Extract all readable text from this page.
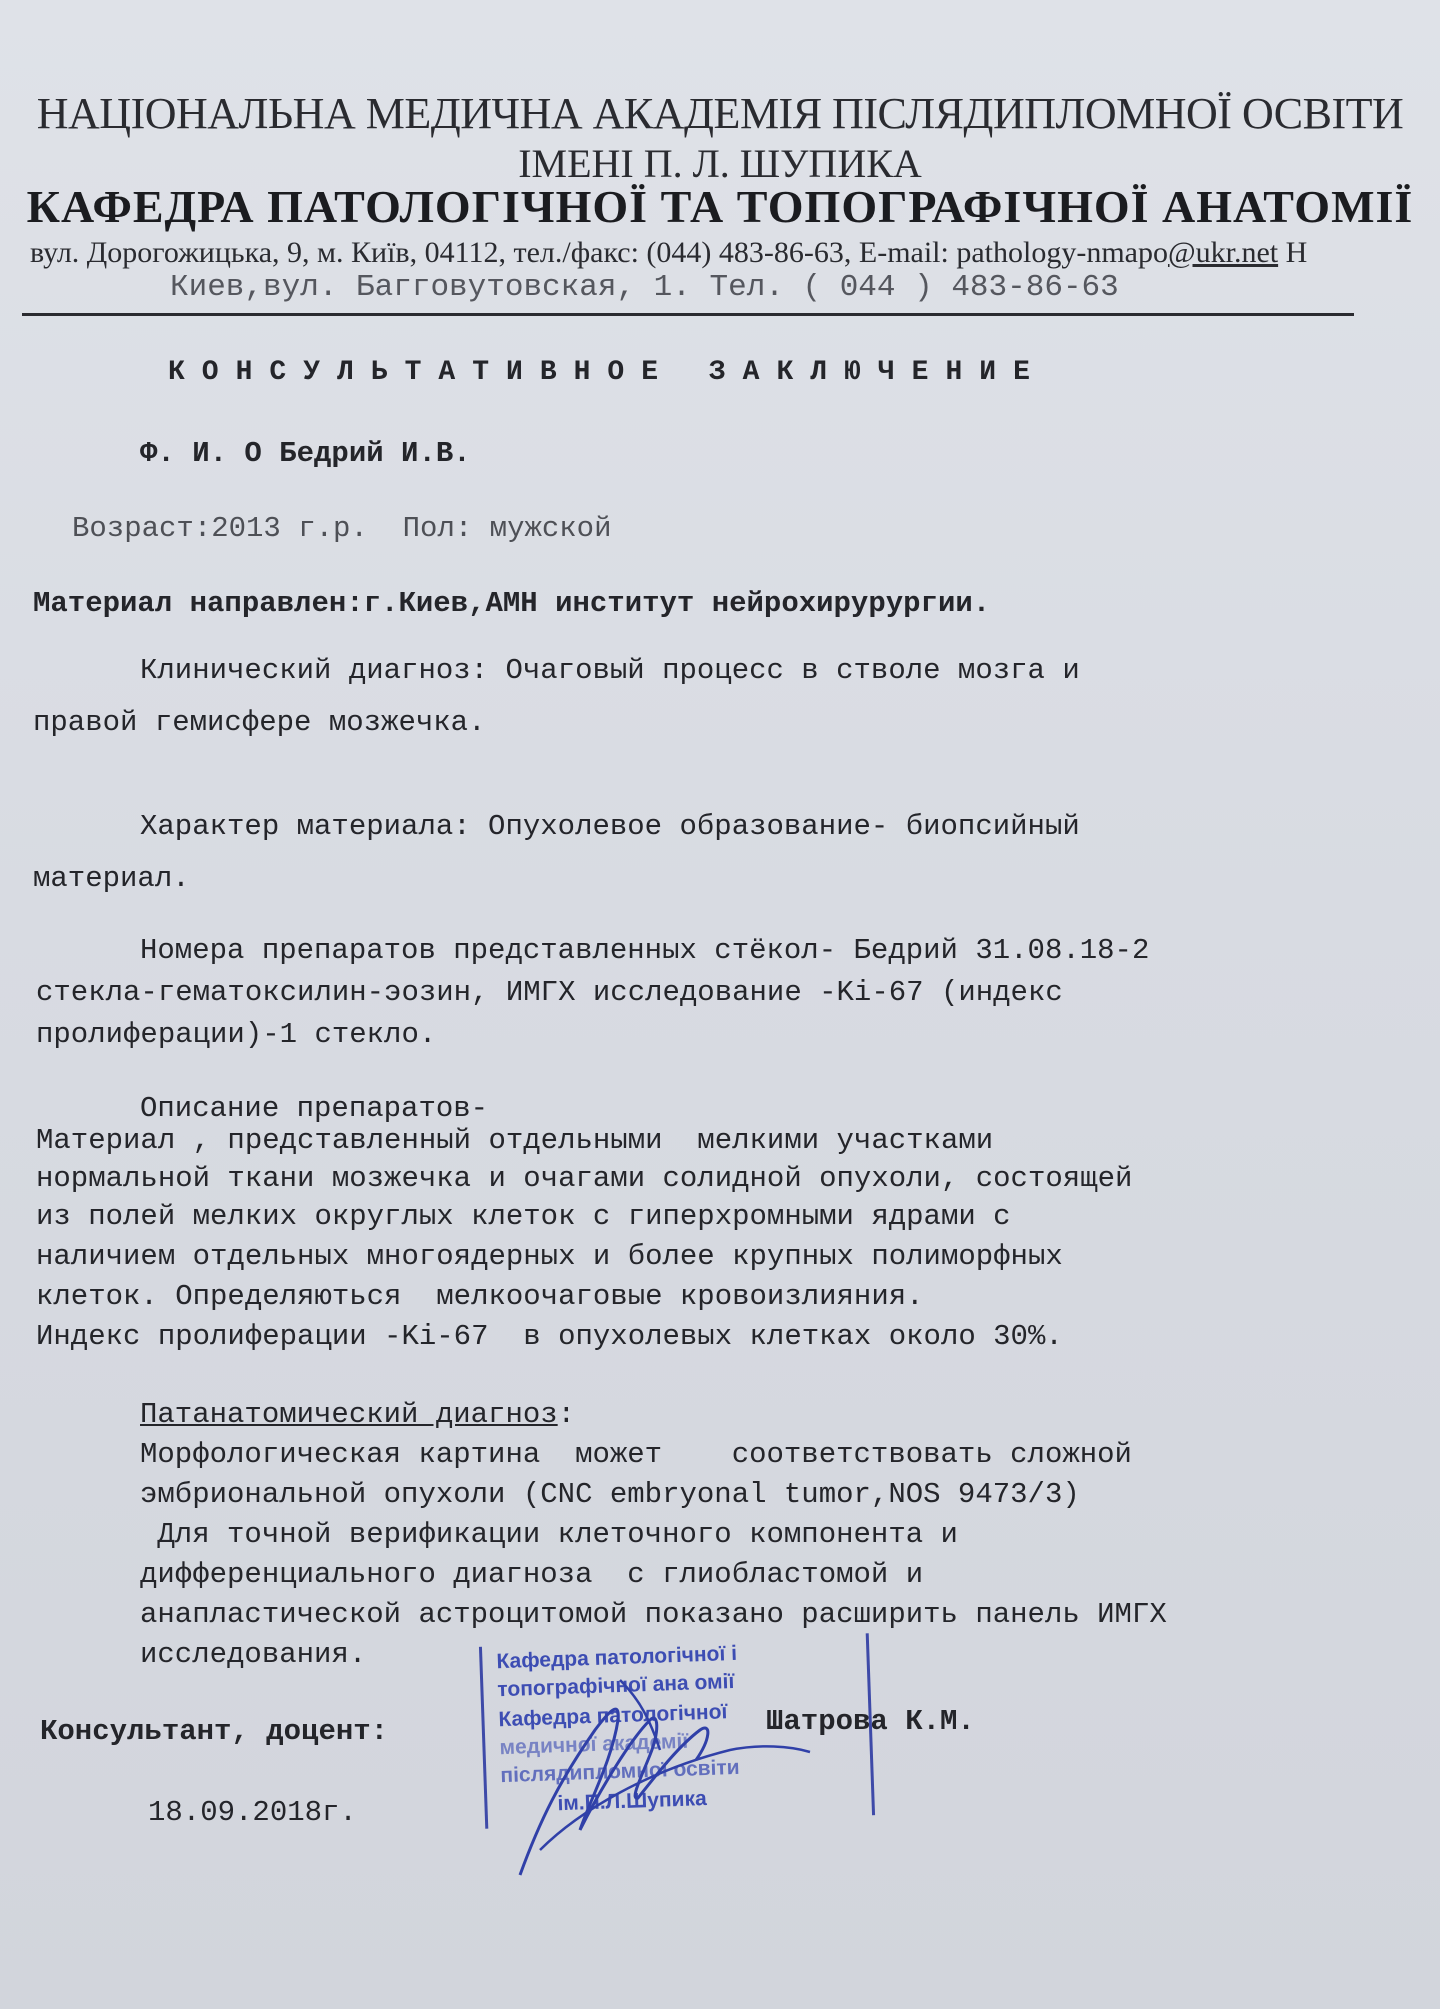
НАЦІОНАЛЬНА МЕДИЧНА АКАДЕМІЯ ПІСЛЯДИПЛОМНОЇ ОСВІТИ
ІМЕНІ П. Л. ШУПИКА
КАФЕДРА ПАТОЛОГІЧНОЇ ТА ТОПОГРАФІЧНОЇ АНАТОМІЇ
вул. Дорогожицька, 9, м. Київ, 04112, тел./факс: (044) 483-86-63, E-mail: pathology-nmapo@ukr.net Н
Киев,вул. Багговутовская, 1. Тел. ( 044 ) 483-86-63
КОНСУЛЬТАТИВНОЕ ЗАКЛЮЧЕНИЕ
Ф. И. О Бедрий И.В.
Возраст:2013 г.р.  Пол: мужской
Материал направлен:г.Киев,АМН институт нейрохирурургии.
Клинический диагноз: Очаговый процесс в стволе мозга и
правой гемисфере мозжечка.
Характер материала: Опухолевое образование- биопсийный
материал.
Номера препаратов представленных стёкол- Бедрий 31.08.18-2
стекла-гематоксилин-эозин, ИМГХ исследование -Ki-67 (индекс
пролиферации)-1 стекло.
Описание препаратов-
Материал , представленный отдельными  мелкими участками
нормальной ткани мозжечка и очагами солидной опухоли, состоящей
из полей мелких округлых клеток с гиперхромными ядрами с
наличием отдельных многоядерных и более крупных полиморфных
клеток. Определяються  мелкоочаговые кровоизлияния.
Индекс пролиферации -Ki-67  в опухолевых клетках около 30%.
Патанатомический диагноз:
Морфологическая картина  может    соответствовать сложной
эмбриональной опухоли (CNC embryonal tumor,NOS 9473/3)
Для точной верификации клеточного компонента и
дифференциального диагноза  с глиобластомой и
анапластической астроцитомой показано расширить панель ИМГХ
исследования.	Кафедра патологічної і
топографічної ана омії
Кафедра патологічної
медичної академії
післядипломної освіти
ім.П.Л.Шупика
Консультант, доцент:	Шатрова К.М.
18.09.2018г.
